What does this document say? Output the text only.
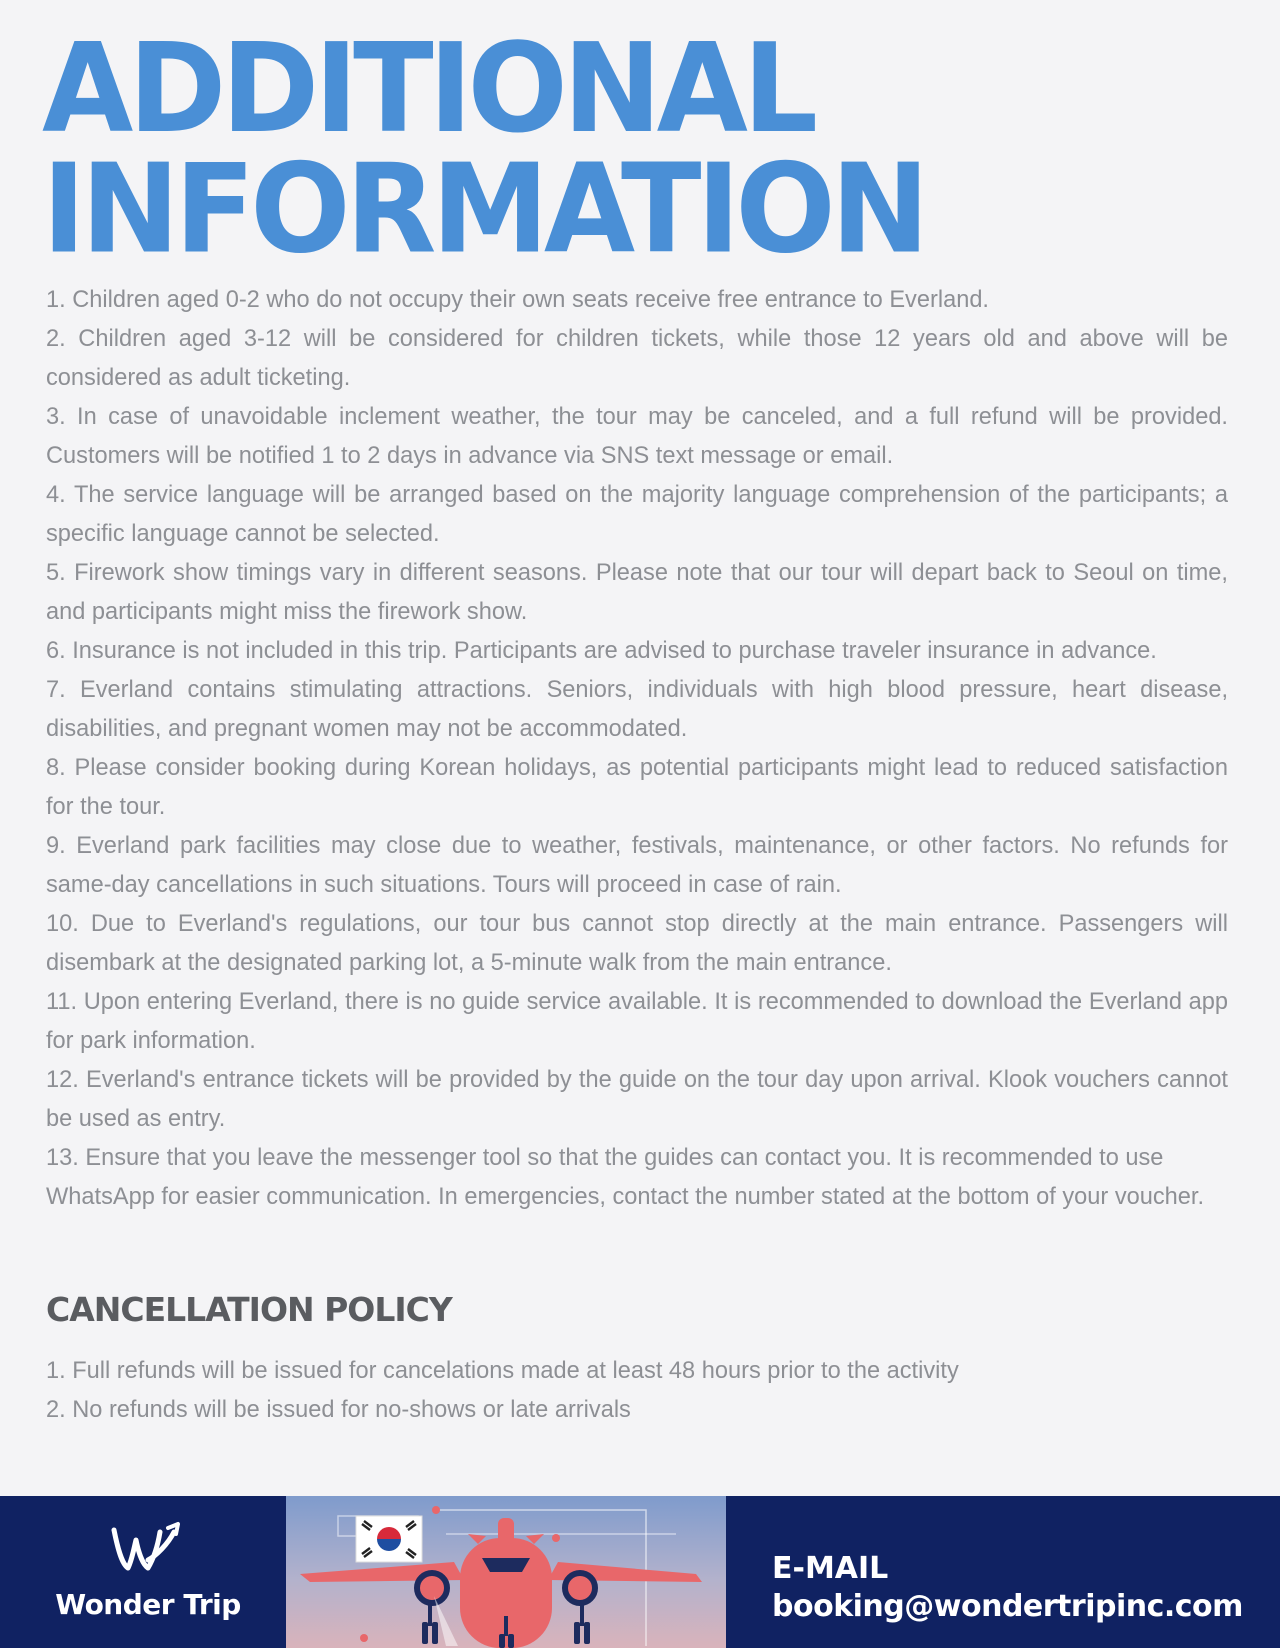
ADDITIONAL
INFORMATION
1. Children aged 0-2 who do not occupy their own seats receive free entrance to Everland.
2. Children aged 3-12 will be considered for children tickets, while those 12 years old and above will be considered as adult ticketing.
3. In case of unavoidable inclement weather, the tour may be canceled, and a full refund will be provided. Customers will be notified 1 to 2 days in advance via SNS text message or email.
4. The service language will be arranged based on the majority language comprehension of the participants; a specific language cannot be selected.
5. Firework show timings vary in different seasons. Please note that our tour will depart back to Seoul on time, and participants might miss the firework show.
6. Insurance is not included in this trip. Participants are advised to purchase traveler insurance in advance.
7. Everland contains stimulating attractions. Seniors, individuals with high blood pressure, heart disease, disabilities, and pregnant women may not be accommodated.
8. Please consider booking during Korean holidays, as potential participants might lead to reduced satisfaction for the tour.
9. Everland park facilities may close due to weather, festivals, maintenance, or other factors. No refunds for same-day cancellations in such situations. Tours will proceed in case of rain.
10. Due to Everland's regulations, our tour bus cannot stop directly at the main entrance. Passengers will disembark at the designated parking lot, a 5-minute walk from the main entrance.
11. Upon entering Everland, there is no guide service available. It is recommended to download the Everland app for park information.
12. Everland's entrance tickets will be provided by the guide on the tour day upon arrival. Klook vouchers cannot be used as entry.
13. Ensure that you leave the messenger tool so that the guides can contact you. It is recommended to use WhatsApp for easier communication. In emergencies, contact the number stated at the bottom of your voucher.
CANCELLATION POLICY
1. Full refunds will be issued for cancelations made at least 48 hours prior to the activity
2. No refunds will be issued for no-shows or late arrivals
Wonder Trip
E-MAIL
booking@wondertripinc.com
